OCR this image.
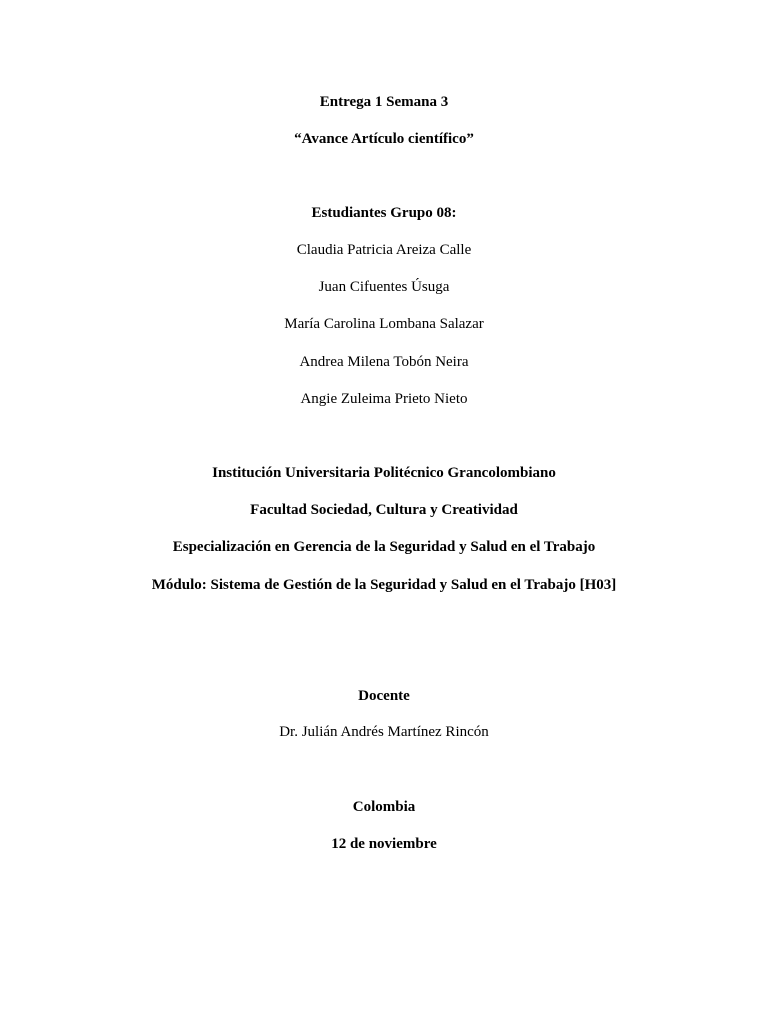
Entrega 1 Semana 3
“Avance Artículo científico”
Estudiantes Grupo 08:
Claudia Patricia Areiza Calle
Juan Cifuentes Úsuga
María Carolina Lombana Salazar
Andrea Milena Tobón Neira
Angie Zuleima Prieto Nieto
Institución Universitaria Politécnico Grancolombiano
Facultad Sociedad, Cultura y Creatividad
Especialización en Gerencia de la Seguridad y Salud en el Trabajo
Módulo: Sistema de Gestión de la Seguridad y Salud en el Trabajo [H03]
Docente
Dr. Julián Andrés Martínez Rincón
Colombia
12 de noviembre
